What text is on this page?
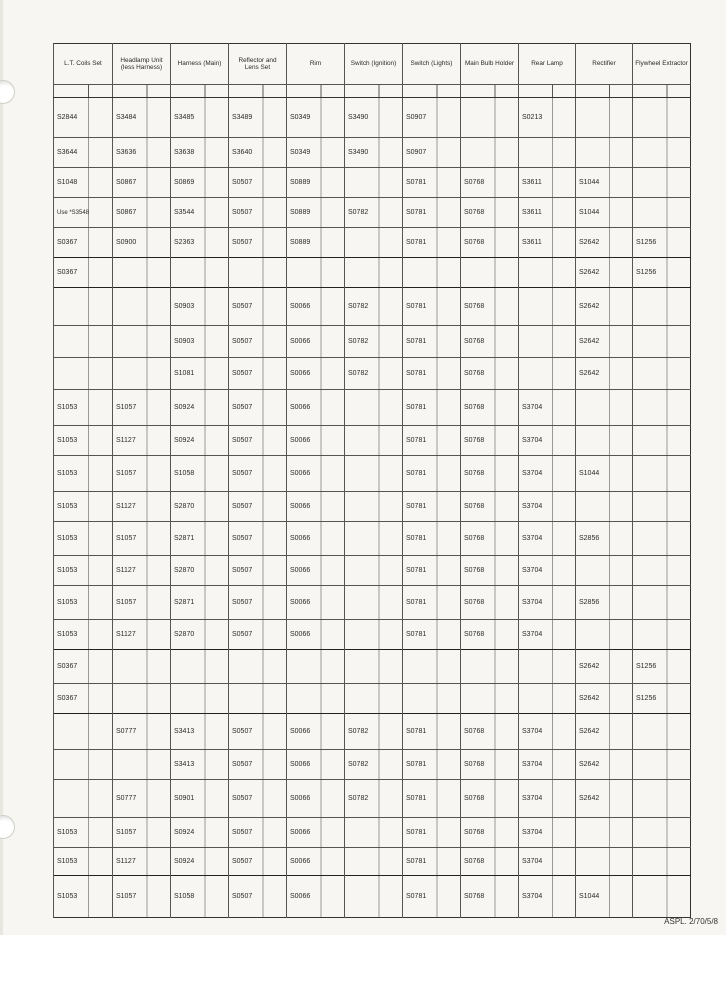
L.T. Coils Set	Headlamp Unit (less Harness)	Harness (Main)	Reflector and Lens Set	Rim	Switch (Ignition)	Switch (Lights)	Main Bulb Holder	Rear Lamp	Rectifier	Flywheel Extractor

S2844	S3484	S3485	S3489	S0349	S3490	S0907		S0213		
S3644	S3636	S3638	S3640	S0349	S3490	S0907				
S1048	S0867	S0869	S0507	S0889		S0781	S0768	S3611	S1044	
Use *S3548	S0867	S3544	S0507	S0889	S0782	S0781	S0768	S3611	S1044	
S0367	S0900	S2363	S0507	S0889		S0781	S0768	S3611	S2642	S1256
S0367									S2642	S1256
		S0903	S0507	S0066	S0782	S0781	S0768		S2642	
		S0903	S0507	S0066	S0782	S0781	S0768		S2642	
		S1081	S0507	S0066	S0782	S0781	S0768		S2642	
S1053	S1057	S0924	S0507	S0066		S0781	S0768	S3704		
S1053	S1127	S0924	S0507	S0066		S0781	S0768	S3704		
S1053	S1057	S1058	S0507	S0066		S0781	S0768	S3704	S1044	
S1053	S1127	S2870	S0507	S0066		S0781	S0768	S3704		
S1053	S1057	S2871	S0507	S0066		S0781	S0768	S3704	S2856	
S1053	S1127	S2870	S0507	S0066		S0781	S0768	S3704		
S1053	S1057	S2871	S0507	S0066		S0781	S0768	S3704	S2856	
S1053	S1127	S2870	S0507	S0066		S0781	S0768	S3704		
S0367									S2642	S1256
S0367									S2642	S1256
	S0777	S3413	S0507	S0066	S0782	S0781	S0768	S3704	S2642	
		S3413	S0507	S0066	S0782	S0781	S0768	S3704	S2642	
	S0777	S0901	S0507	S0066	S0782	S0781	S0768	S3704	S2642	
S1053	S1057	S0924	S0507	S0066		S0781	S0768	S3704		
S1053	S1127	S0924	S0507	S0066		S0781	S0768	S3704		
S1053	S1057	S1058	S0507	S0066		S0781	S0768	S3704	S1044	
ASPL. 2/70/5/8
